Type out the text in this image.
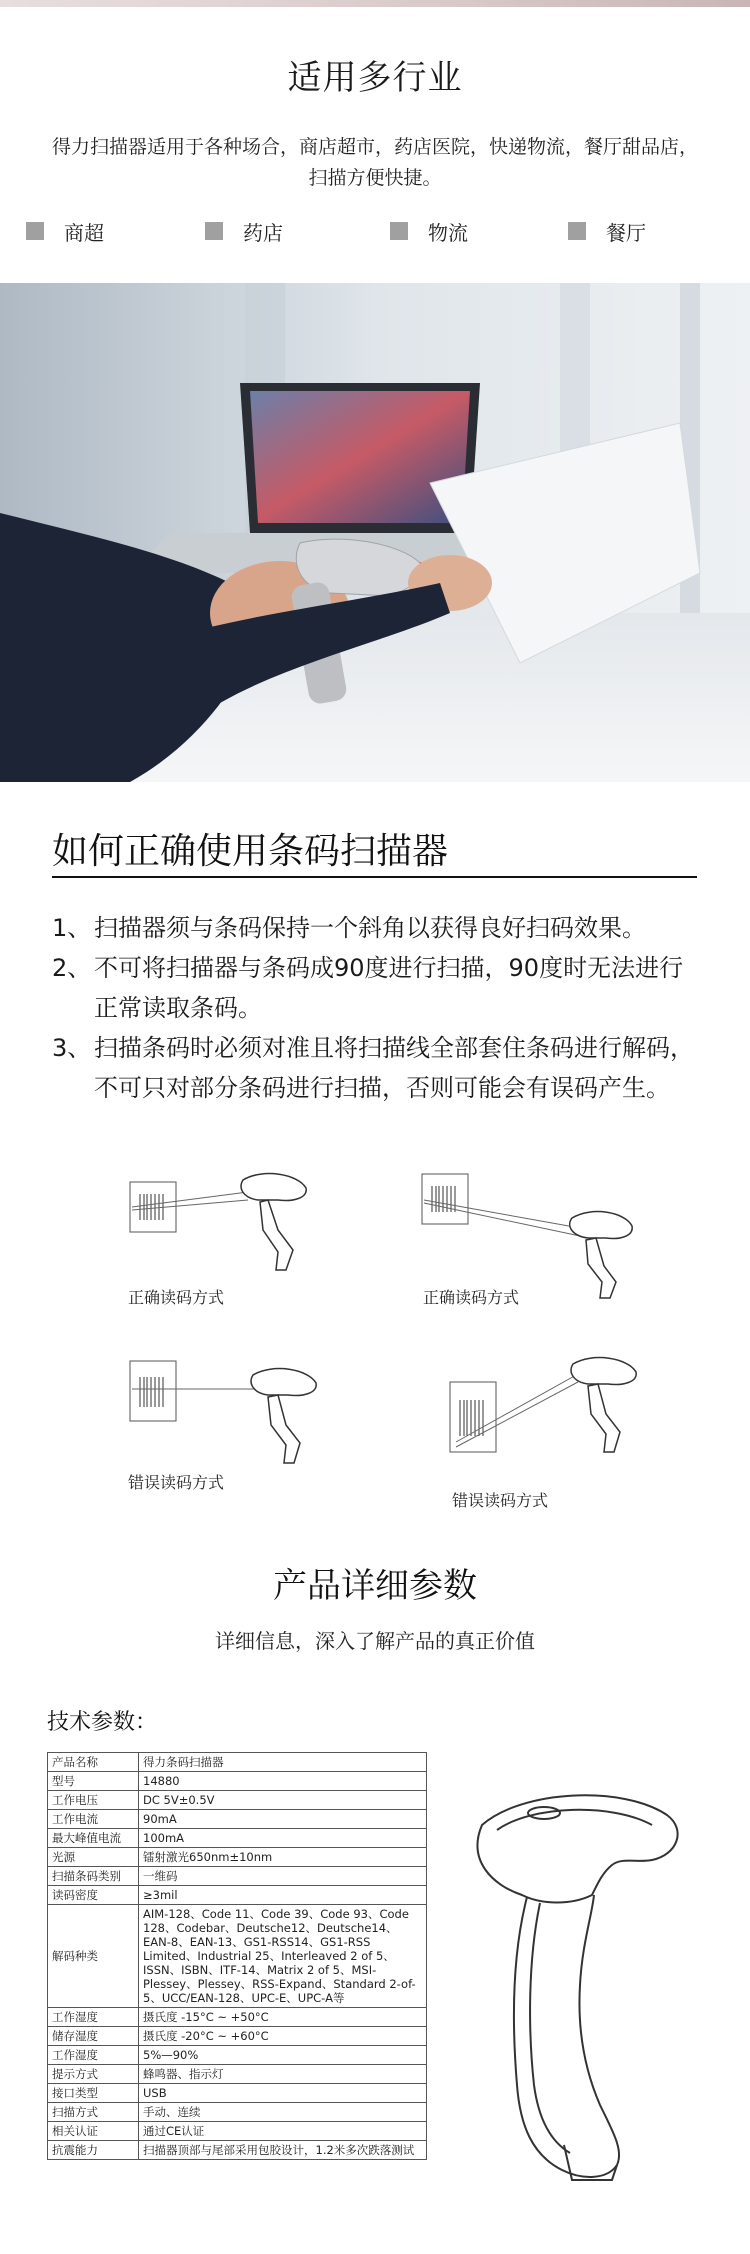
适用多行业
得力扫描器适用于各种场合，商店超市，药店医院，快递物流，餐厅甜品店，
扫描方便快捷。
商超	药店	物流	餐厅
如何正确使用条码扫描器
1、 扫描器须与条码保持一个斜角以获得良好扫码效果。
2、 不可将扫描器与条码成90度进行扫描，90度时无法进行
正常读取条码。
3、 扫描条码时必须对准且将扫描线全部套住条码进行解码，
不可只对部分条码进行扫描，否则可能会有误码产生。
正确读码方式	正确读码方式
错误读码方式
错误读码方式
产品详细参数
详细信息，深入了解产品的真正价值
技术参数：
产品名称	得力条码扫描器
型号	14880
工作电压	DC 5V±0.5V
工作电流	90mA
最大峰值电流	100mA
光源	镭射激光650nm±10nm
扫描条码类别	一维码
读码密度	≥3mil
解码种类	AIM-128、Code 11、Code 39、Code 93、Code 128、Codebar、Deutsche12、Deutsche14、EAN-8、EAN-13、GS1-RSS14、GS1-RSS Limited、Industrial 25、Interleaved 2 of 5、ISSN、ISBN、ITF-14、Matrix 2 of 5、MSI-Plessey、Plessey、RSS-Expand、Standard 2-of-5、UCC/EAN-128、UPC-E、UPC-A等
工作湿度	摄氏度 -15°C ~ +50°C
储存湿度	摄氏度 -20°C ~ +60°C
工作湿度	5%—90%
提示方式	蜂鸣器、指示灯
接口类型	USB
扫描方式	手动、连续
相关认证	通过CE认证
抗震能力	扫描器顶部与尾部采用包胶设计，1.2米多次跌落测试
